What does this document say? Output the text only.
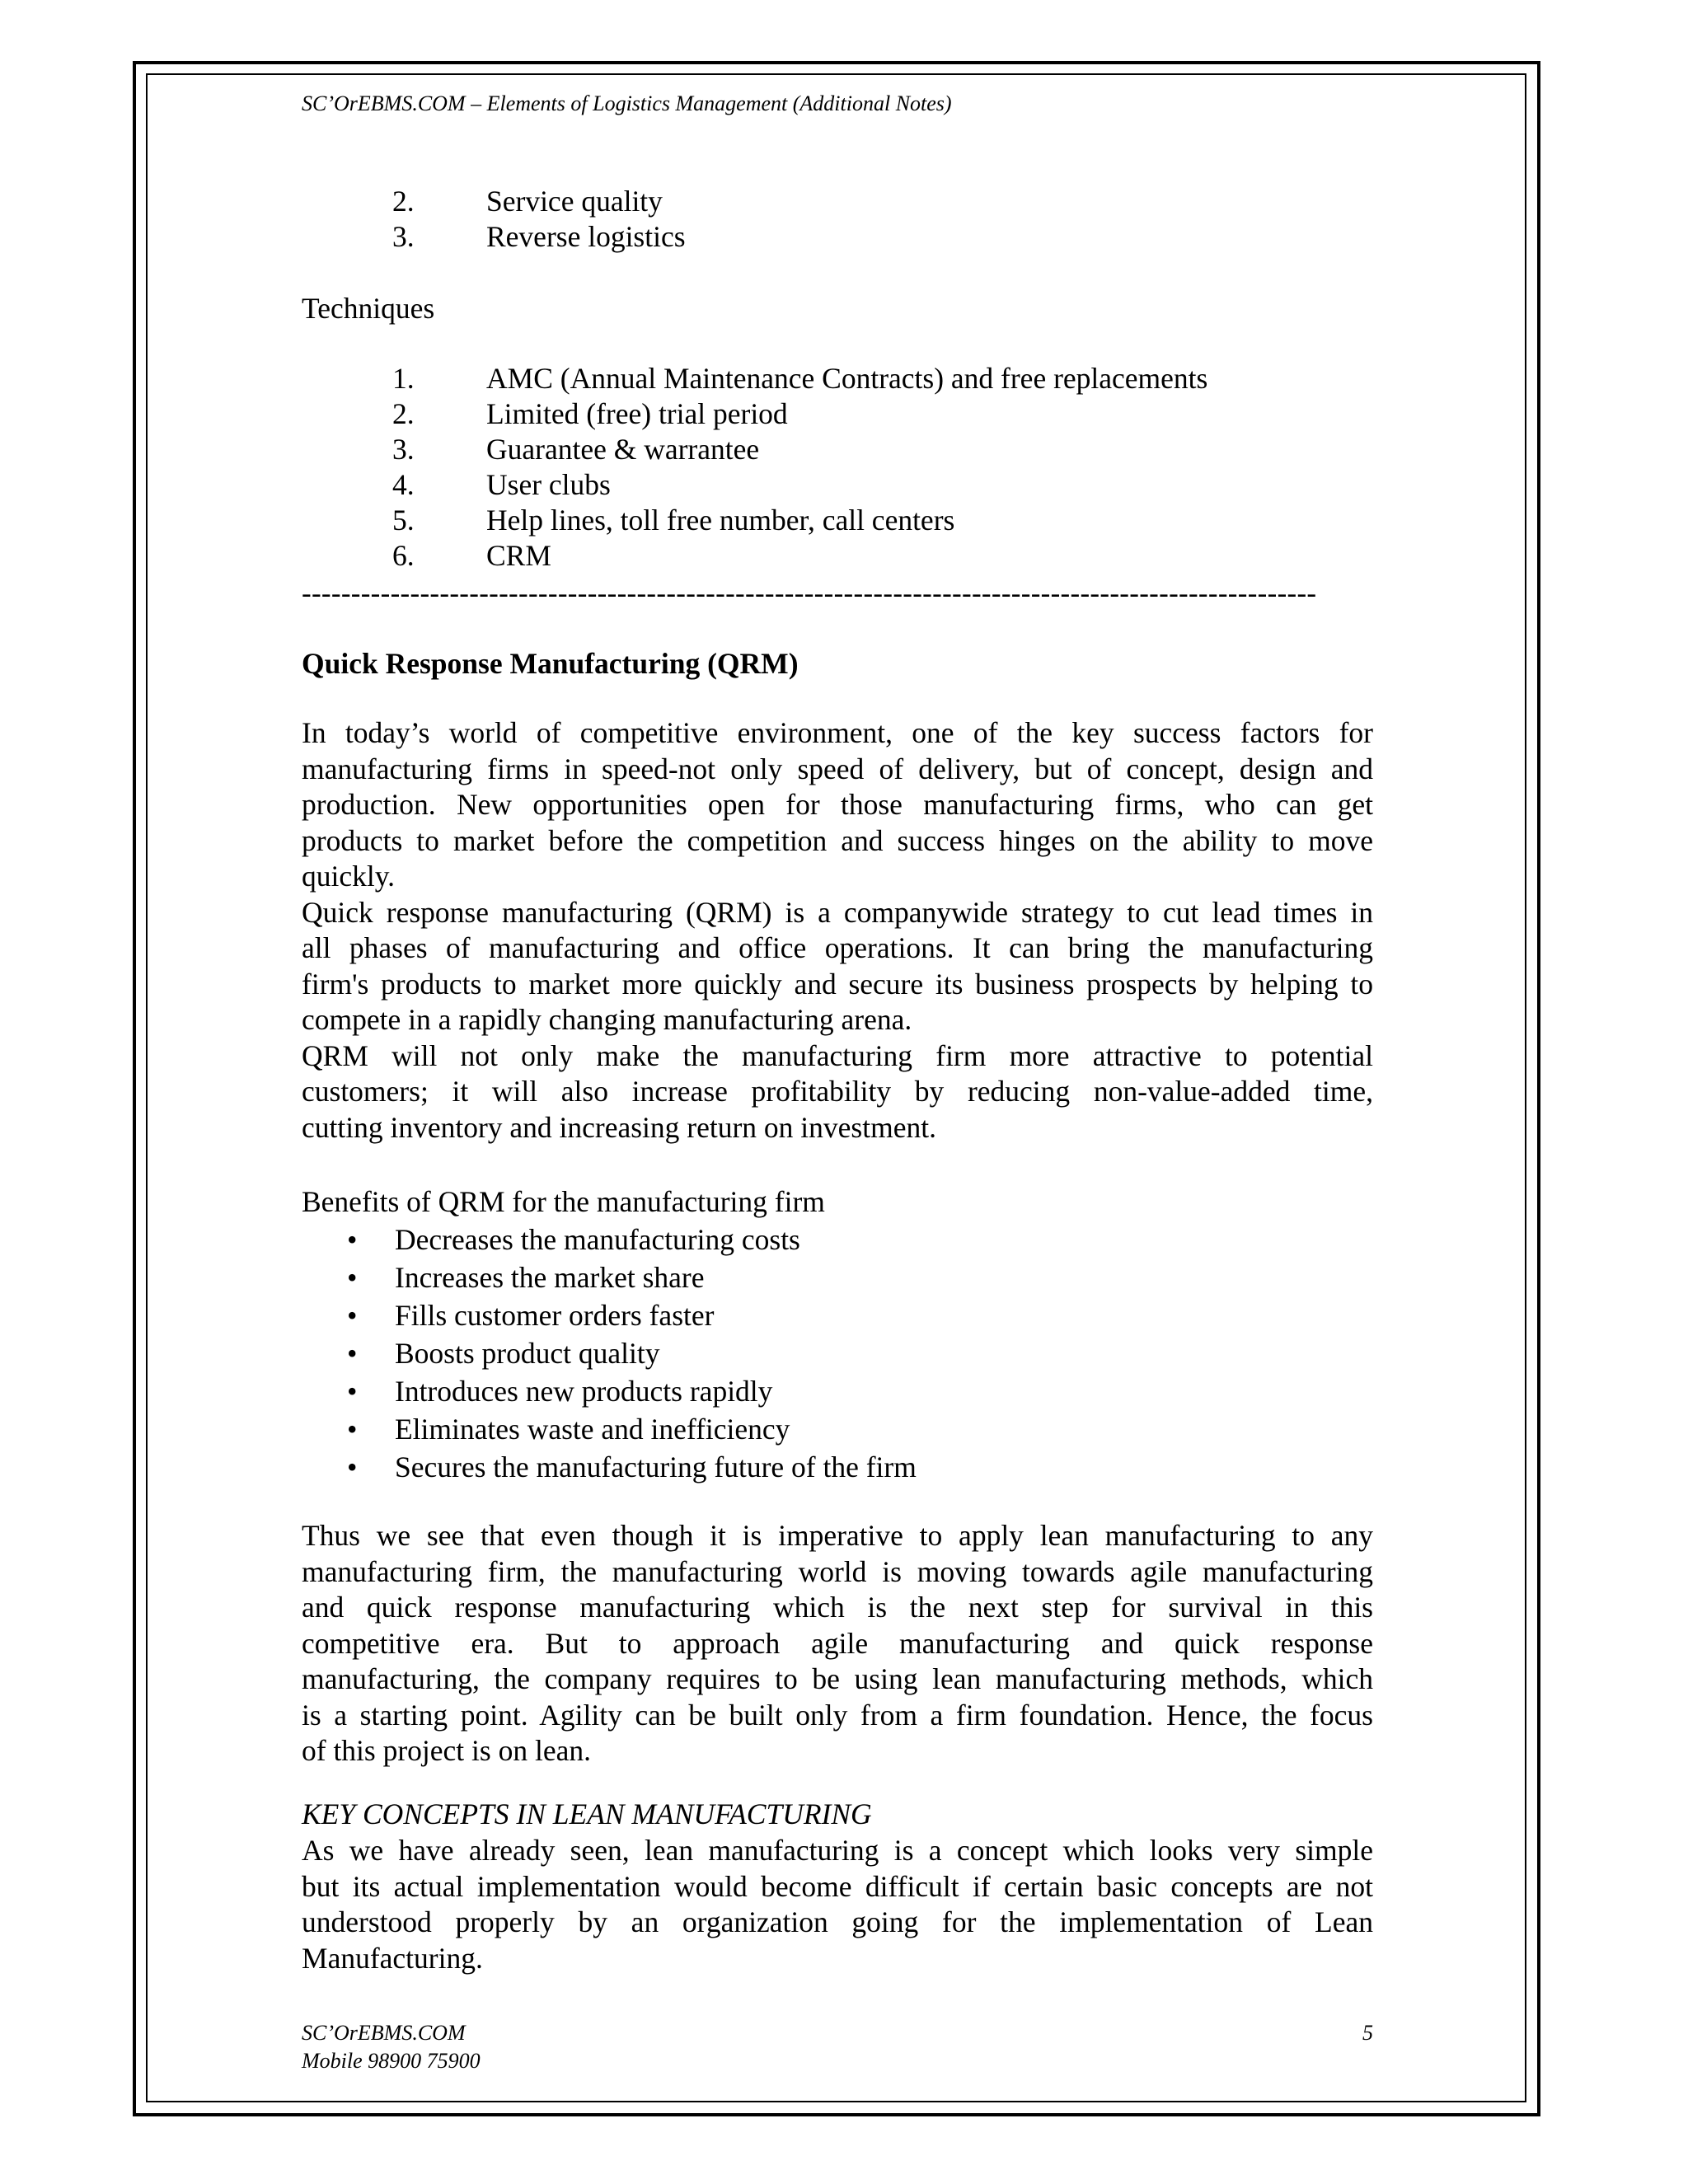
SC’OrEBMS.COM – Elements of Logistics Management (Additional Notes)
2.	Service quality
3.	Reverse logistics
Techniques
1.	AMC (Annual Maintenance Contracts) and free replacements
2.	Limited (free) trial period
3.	Guarantee & warrantee
4.	User clubs
5.	Help lines, toll free number, call centers
6.	CRM
-------------------------------------------------------------------------------------------------------
Quick Response Manufacturing (QRM)
In today’s world of competitive environment, one of the key success factors for
manufacturing firms in speed-not only speed of delivery, but of concept, design and
production. New opportunities open for those manufacturing firms, who can get
products to market before the competition and success hinges on the ability to move
quickly.
Quick response manufacturing (QRM) is a companywide strategy to cut lead times in
all phases of manufacturing and office operations. It can bring the manufacturing
firm's products to market more quickly and secure its business prospects by helping to
compete in a rapidly changing manufacturing arena.
QRM will not only make the manufacturing firm more attractive to potential
customers; it will also increase profitability by reducing non-value-added time,
cutting inventory and increasing return on investment.
Benefits of QRM for the manufacturing firm
• Decreases the manufacturing costs
• Increases the market share
• Fills customer orders faster
• Boosts product quality
• Introduces new products rapidly
• Eliminates waste and inefficiency
• Secures the manufacturing future of the firm
Thus we see that even though it is imperative to apply lean manufacturing to any
manufacturing firm, the manufacturing world is moving towards agile manufacturing
and quick response manufacturing which is the next step for survival in this
competitive era. But to approach agile manufacturing and quick response
manufacturing, the company requires to be using lean manufacturing methods, which
is a starting point. Agility can be built only from a firm foundation. Hence, the focus
of this project is on lean.
KEY CONCEPTS IN LEAN MANUFACTURING
As we have already seen, lean manufacturing is a concept which looks very simple
but its actual implementation would become difficult if certain basic concepts are not
understood properly by an organization going for the implementation of Lean
Manufacturing.
SC’OrEBMS.COM
Mobile 98900 75900
5
